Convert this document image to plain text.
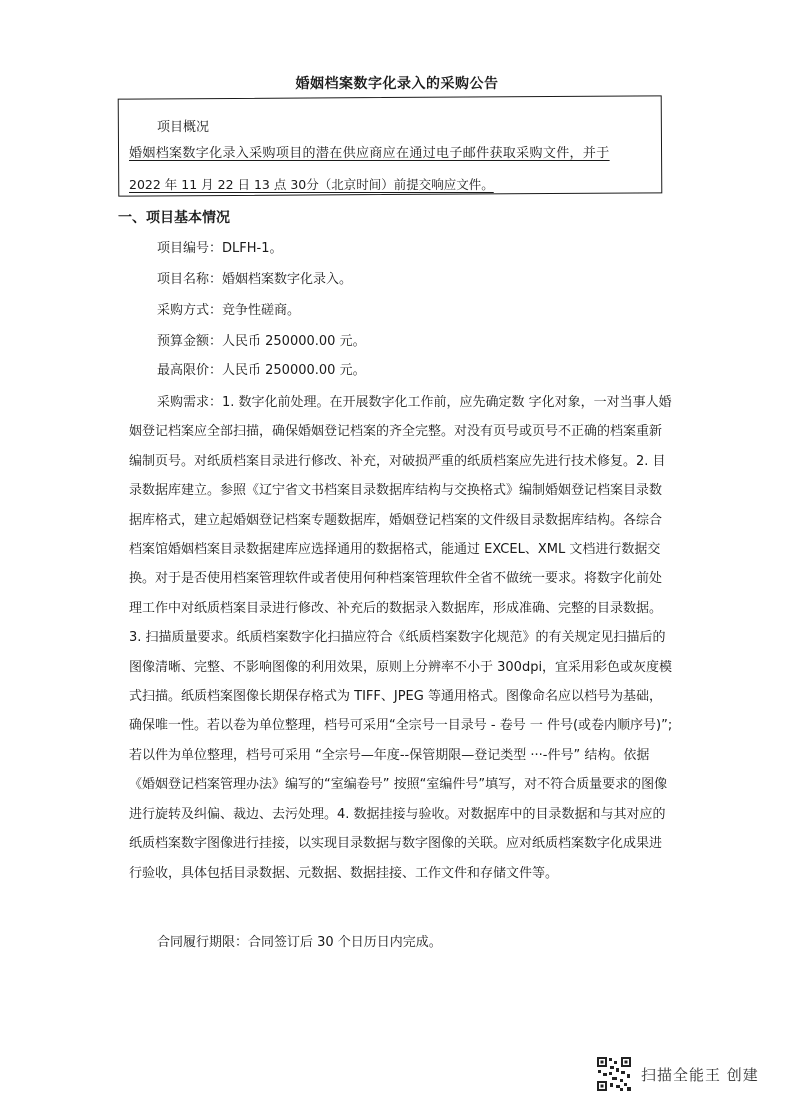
婚姻档案数字化录入的采购公告
项目概况
婚姻档案数字化录入采购项目的潜在供应商应在通过电子邮件获取采购文件，并于
2022 年 11 月 22 日 13 点 30分（北京时间）前提交响应文件。
一、项目基本情况
项目编号：DLFH-1。
项目名称：婚姻档案数字化录入。
采购方式：竞争性磋商。
预算金额：人民币 250000.00 元。
最高限价：人民币 250000.00 元。
采购需求：1. 数字化前处理。在开展数字化工作前，应先确定数 字化对象，一对当事人婚姻登记档案应全部扫描，确保婚姻登记档案的齐全完整。对没有页号或页号不正确的档案重新编制页号。对纸质档案目录进行修改、补充，对破损严重的纸质档案应先进行技术修复。2. 目录数据库建立。参照《辽宁省文书档案目录数据库结构与交换格式》编制婚姻登记档案目录数据库格式，建立起婚姻登记档案专题数据库，婚姻登记档案的文件级目录数据库结构。各综合档案馆婚姻档案目录数据建库应选择通用的数据格式，能通过 EXCEL、XML 文档进行数据交换。对于是否使用档案管理软件或者使用何种档案管理软件全省不做统一要求。将数字化前处理工作中对纸质档案目录进行修改、补充后的数据录入数据库，形成准确、完整的目录数据。3. 扫描质量要求。纸质档案数字化扫描应符合《纸质档案数字化规范》的有关规定见扫描后的图像清晰、完整、不影响图像的利用效果，原则上分辨率不小于 300dpi，宜采用彩色或灰度模式扫描。纸质档案图像长期保存格式为 TIFF、JPEG 等通用格式。图像命名应以档号为基础，确保唯一性。若以卷为单位整理，档号可采用“全宗号一目录号 - 卷号 一 件号(或卷内顺序号)”;若以件为单位整理，档号可采用 “全宗号—年度--保管期限—登记类型 ···-件号” 结构。依据《婚姻登记档案管理办法》编写的“室编卷号” 按照“室编件号”填写，对不符合质量要求的图像进行旋转及纠偏、裁边、去污处理。4. 数据挂接与验收。对数据库中的目录数据和与其对应的纸质档案数字图像进行挂接，以实现目录数据与数字图像的关联。应对纸质档案数字化成果进行验收，具体包括目录数据、元数据、数据挂接、工作文件和存储文件等。
合同履行期限：合同签订后 30 个日历日内完成。
扫描全能王 创建
